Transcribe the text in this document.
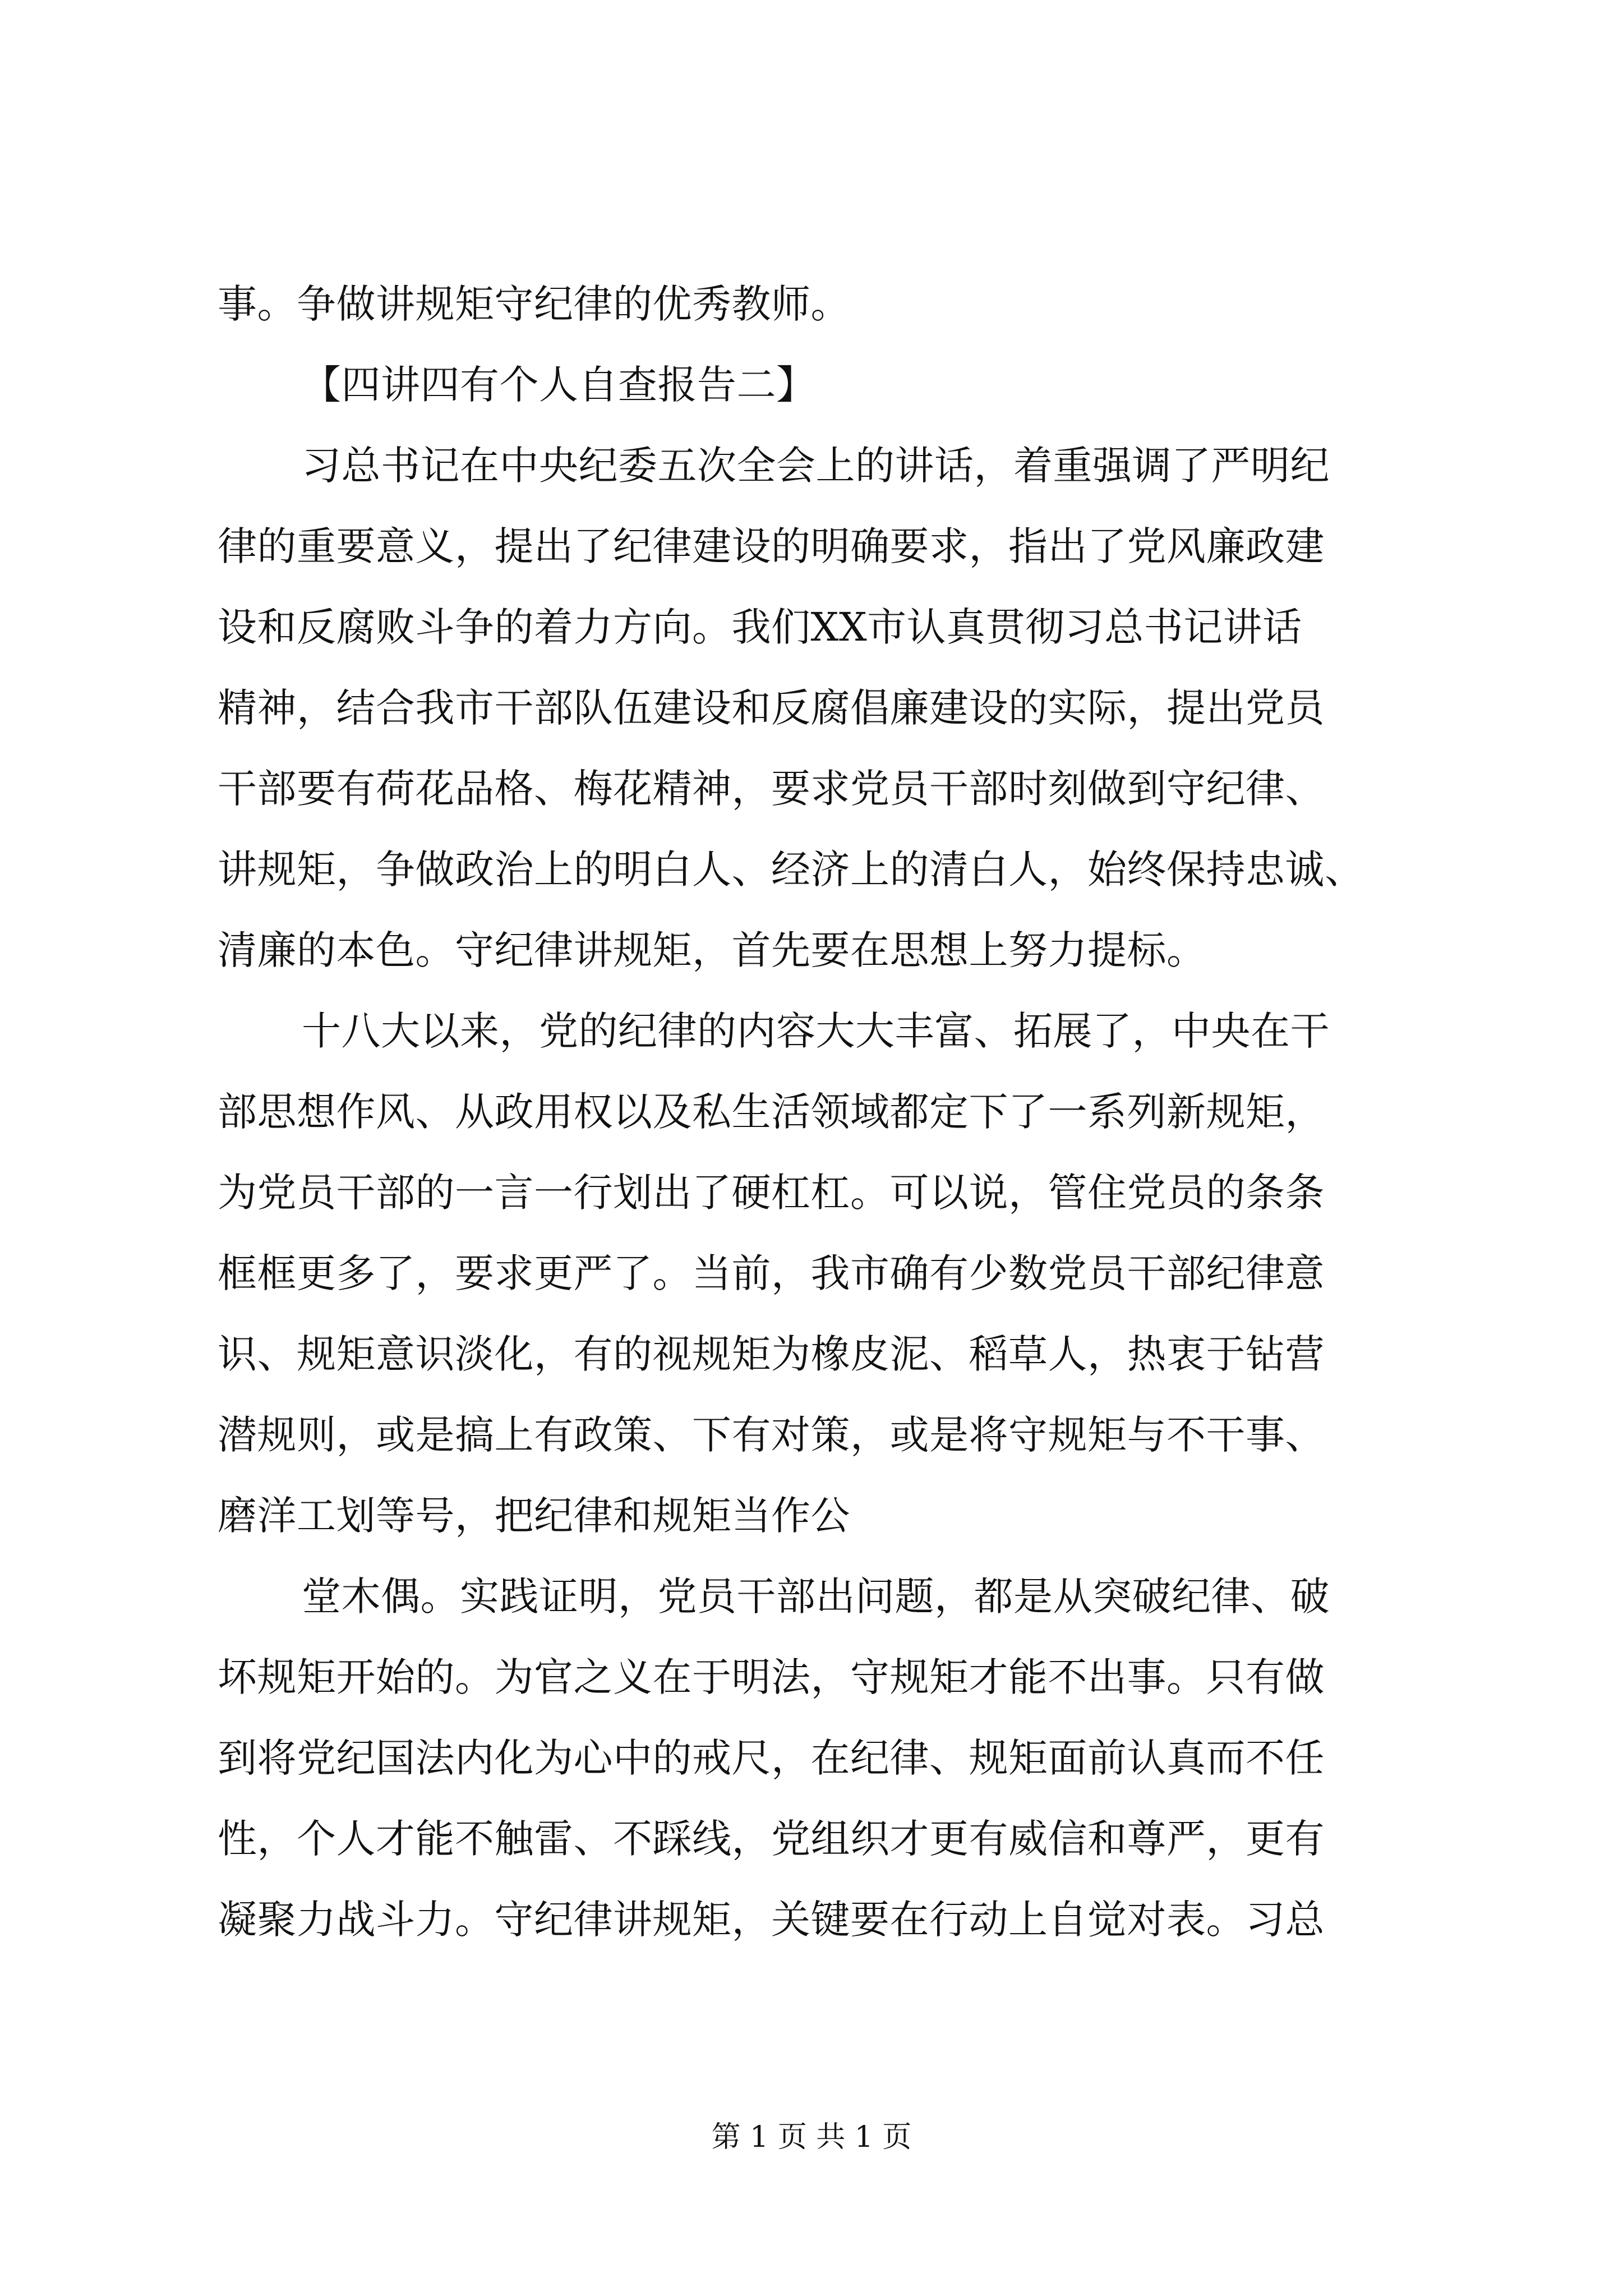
事。争做讲规矩守纪律的优秀教师。
【四讲四有个人自查报告二】
习总书记在中央纪委五次全会上的讲话，着重强调了严明纪
律的重要意义，提出了纪律建设的明确要求，指出了党风廉政建
设和反腐败斗争的着力方向。我们XX市认真贯彻习总书记讲话
精神，结合我市干部队伍建设和反腐倡廉建设的实际，提出党员
干部要有荷花品格、梅花精神，要求党员干部时刻做到守纪律、
讲规矩，争做政治上的明白人、经济上的清白人，始终保持忠诚、
清廉的本色。守纪律讲规矩，首先要在思想上努力提标。
十八大以来，党的纪律的内容大大丰富、拓展了，中央在干
部思想作风、从政用权以及私生活领域都定下了一系列新规矩，
为党员干部的一言一行划出了硬杠杠。可以说，管住党员的条条
框框更多了，要求更严了。当前，我市确有少数党员干部纪律意
识、规矩意识淡化，有的视规矩为橡皮泥、稻草人，热衷于钻营
潜规则，或是搞上有政策、下有对策，或是将守规矩与不干事、
磨洋工划等号，把纪律和规矩当作公
堂木偶。实践证明，党员干部出问题，都是从突破纪律、破
坏规矩开始的。为官之义在于明法，守规矩才能不出事。只有做
到将党纪国法内化为心中的戒尺，在纪律、规矩面前认真而不任
性，个人才能不触雷、不踩线，党组织才更有威信和尊严，更有
凝聚力战斗力。守纪律讲规矩，关键要在行动上自觉对表。习总
第 1 页 共 1 页
